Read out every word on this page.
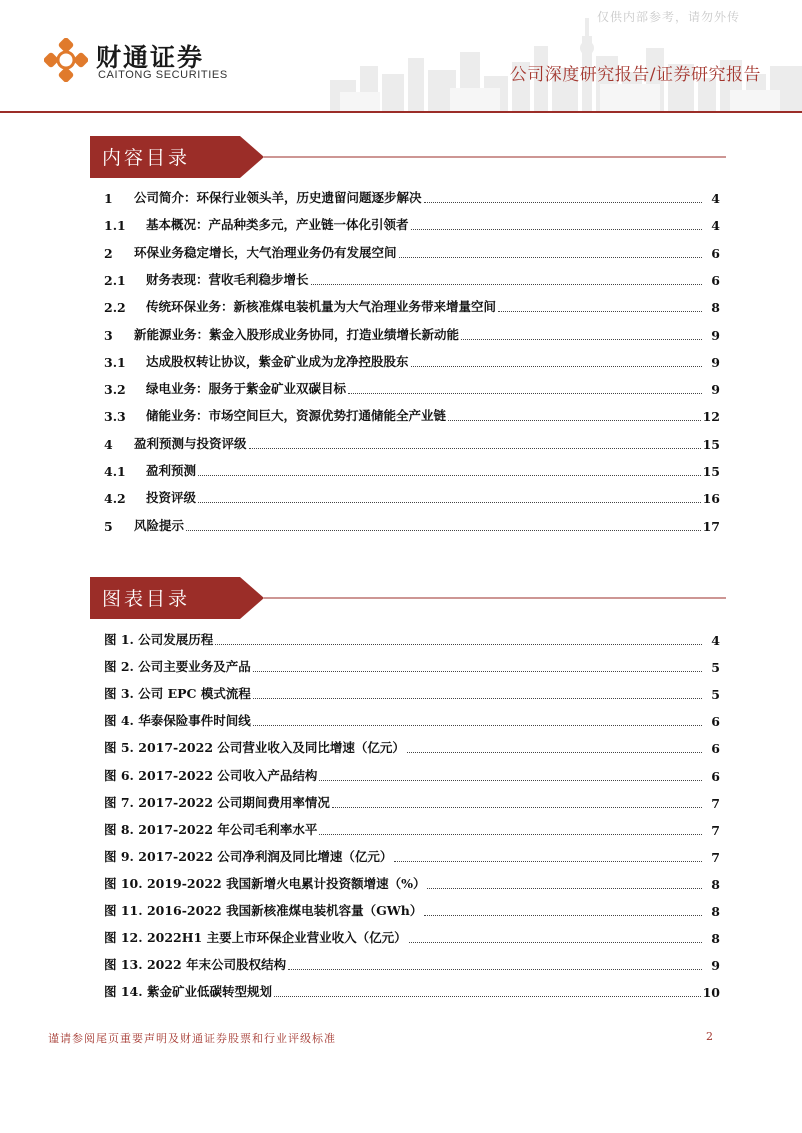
仅供内部参考，请勿外传
财通证券
CAITONG SECURITIES	公司深度研究报告/证券研究报告
内容目录
1	公司简介：环保行业领头羊，历史遗留问题逐步解决	4
1.1	基本概况：产品种类多元，产业链一体化引领者	4
2	环保业务稳定增长，大气治理业务仍有发展空间	6
2.1	财务表现：营收毛利稳步增长	6
2.2	传统环保业务：新核准煤电装机量为大气治理业务带来增量空间	8
3	新能源业务：紫金入股形成业务协同，打造业绩增长新动能	9
3.1	达成股权转让协议，紫金矿业成为龙净控股股东	9
3.2	绿电业务：服务于紫金矿业双碳目标	9
3.3	储能业务：市场空间巨大，资源优势打通储能全产业链	12
4	盈利预测与投资评级	15
4.1	盈利预测	15
4.2	投资评级	16
5	风险提示	17
图表目录
图 1. 公司发展历程	4
图 2. 公司主要业务及产品	5
图 3. 公司 EPC 模式流程	5
图 4. 华泰保险事件时间线	6
图 5. 2017-2022 公司营业收入及同比增速（亿元）	6
图 6. 2017-2022 公司收入产品结构	6
图 7. 2017-2022 公司期间费用率情况	7
图 8. 2017-2022 年公司毛利率水平	7
图 9. 2017-2022 公司净利润及同比增速（亿元）	7
图 10. 2019-2022 我国新增火电累计投资额增速（%）	8
图 11. 2016-2022 我国新核准煤电装机容量（GWh）	8
图 12. 2022H1 主要上市环保企业营业收入（亿元）	8
图 13. 2022 年末公司股权结构	9
图 14. 紫金矿业低碳转型规划	10
谨请参阅尾页重要声明及财通证券股票和行业评级标准	2
